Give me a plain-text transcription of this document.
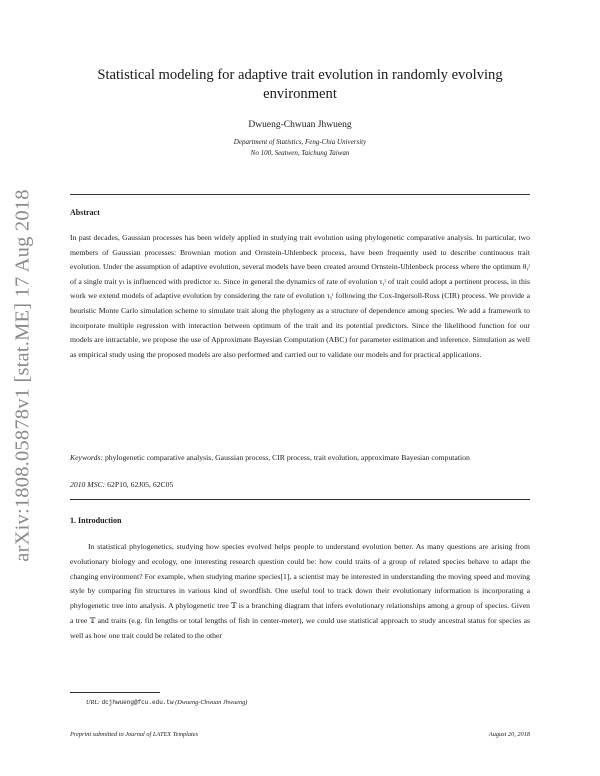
arXiv:1808.05878v1 [stat.ME] 17 Aug 2018
Statistical modeling for adaptive trait evolution in randomly evolving environment
Dwueng-Chwuan Jhwueng
Department of Statistics, Feng-Chia University
No 100, Seatwen, Taichung Taiwan
Abstract

In past decades, Gaussian processes has been widely applied in studying trait evolution using phylogenetic comparative analysis. In particular, two members of Gaussian processes: Brownian motion and Ornstein-Uhlenbeck process, have been frequently used to describe continuous trait evolution. Under the assumption of adaptive evolution, several models have been created around Ornstein-Uhlenbeck process where the optimum θᵧᵗ of a single trait yₜ is influenced with predictor xₜ. Since in general the dynamics of rate of evolution τᵧᵗ of trait could adopt a pertinent process, in this work we extend models of adaptive evolution by considering the rate of evolution τᵧᵗ following the Cox-Ingersoll-Ross (CIR) process. We provide a heuristic Monte Carlo simulation scheme to simulate trait along the phylogeny as a structure of dependence among species. We add a framework to incorporate multiple regression with interaction between optimum of the trait and its potential predictors. Since the likelihood function for our models are intractable, we propose the use of Approximate Bayesian Computation (ABC) for parameter estimation and inference. Simulation as well as empirical study using the proposed models are also performed and carried out to validate our models and for practical applications.

Keywords: phylogenetic comparative analysis, Gaussian process, CIR process, trait evolution, approximate Bayesian computation
2010 MSC: 62P10, 62J05, 62C05
1. Introduction

In statistical phylogenetics, studying how species evolved helps people to understand evolution better. As many questions are arising from evolutionary biology and ecology, one interesting research question could be: how could traits of a group of related species behave to adapt the changing environment? For example, when studying marine species[1], a scientist may be interested in understanding the moving speed and moving style by comparing fin structures in various kind of swordfish. One useful tool to track down their evolutionary information is incorporating a phylogenetic tree into analysis. A phylogenetic tree 𝕋 is a branching diagram that infers evolutionary relationships among a group of species. Given a tree 𝕋 and traits (e.g. fin lengths or total lengths of fish in center-meter), we could use statistical approach to study ancestral status for species as well as how one trait could be related to the other

URL: dcjhwueng@fcu.edu.tw (Dwueng-Chwuan Jhwueng)
Preprint submitted to Journal of LATEX Templates	August 20, 2018
